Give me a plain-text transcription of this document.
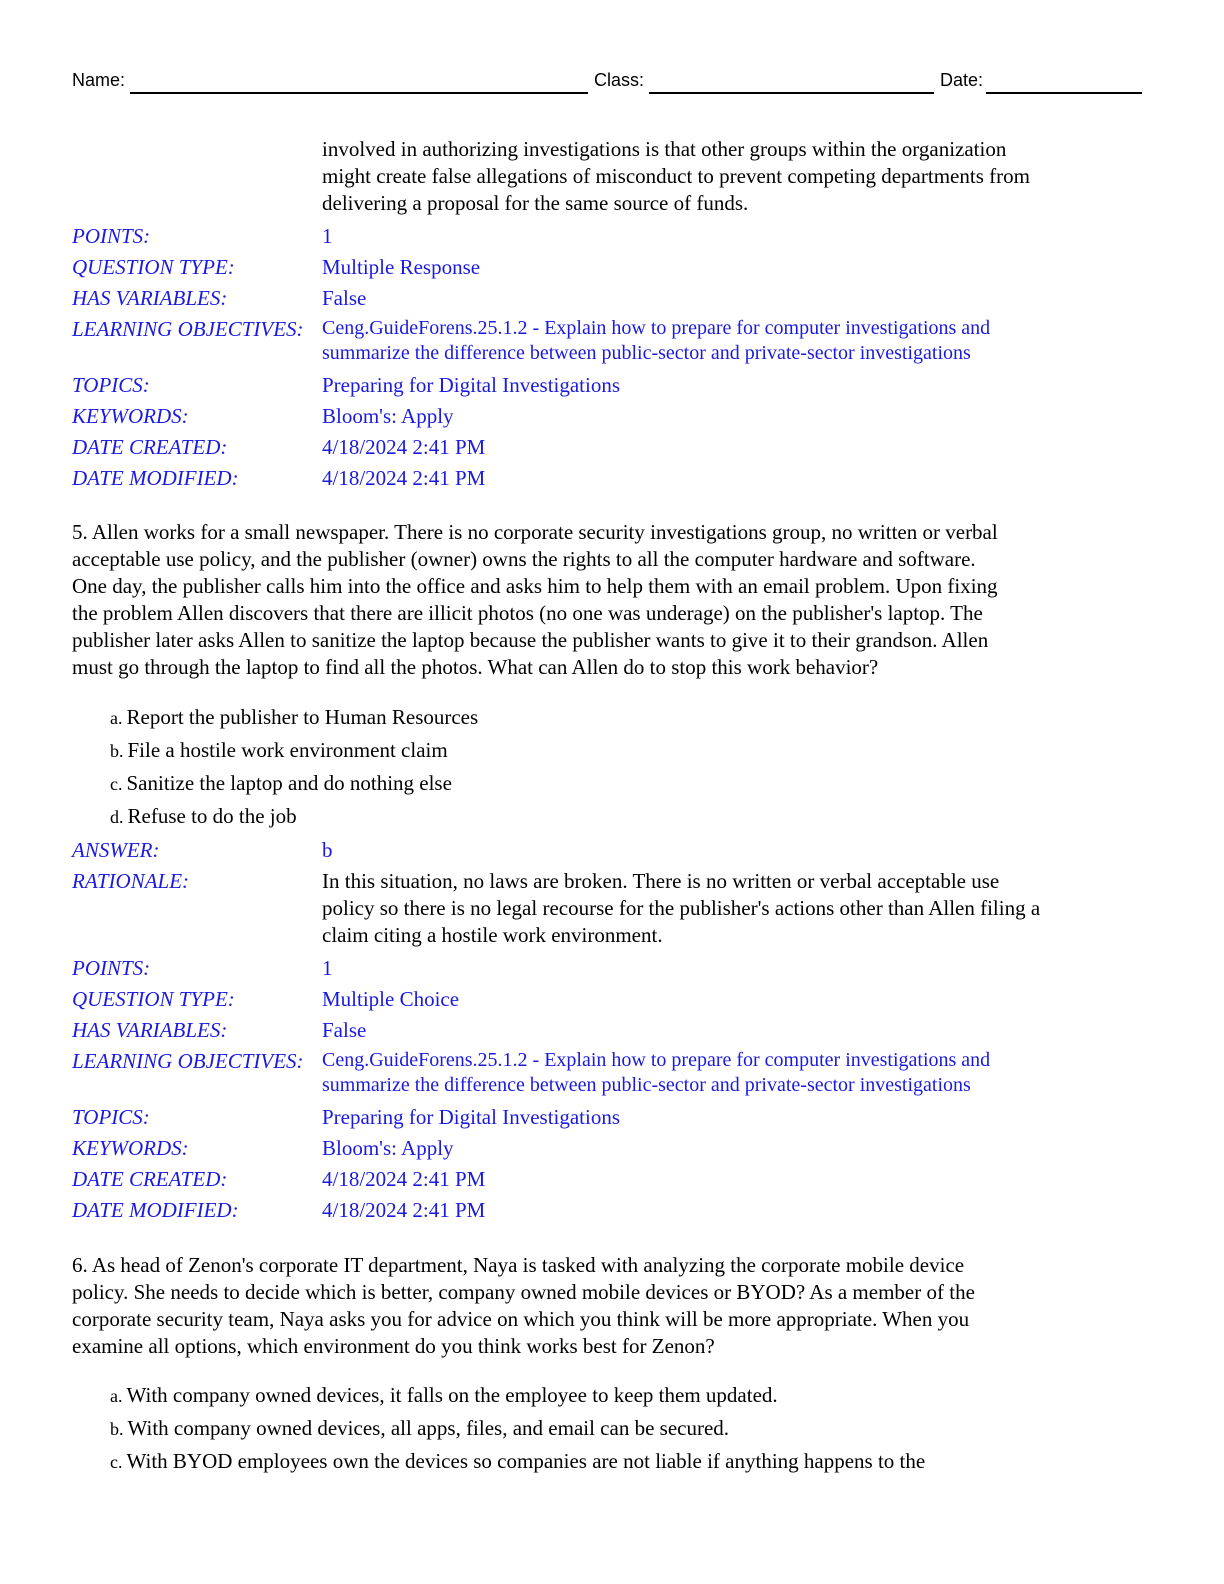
Name:	Class:	Date:
involved in authorizing investigations is that other groups within the organization
might create false allegations of misconduct to prevent competing departments from
delivering a proposal for the same source of funds.
POINTS:	1
QUESTION TYPE:	Multiple Response
HAS VARIABLES:	False
LEARNING OBJECTIVES: Ceng.GuideForens.25.1.2 - Explain how to prepare for computer investigations and
summarize the difference between public-sector and private-sector investigations
TOPICS:	Preparing for Digital Investigations
KEYWORDS:	Bloom's: Apply
DATE CREATED:	4/18/2024 2:41 PM
DATE MODIFIED:	4/18/2024 2:41 PM
5. Allen works for a small newspaper. There is no corporate security investigations group, no written or verbal
acceptable use policy, and the publisher (owner) owns the rights to all the computer hardware and software.
One day, the publisher calls him into the office and asks him to help them with an email problem. Upon fixing
the problem Allen discovers that there are illicit photos (no one was underage) on the publisher's laptop. The
publisher later asks Allen to sanitize the laptop because the publisher wants to give it to their grandson. Allen
must go through the laptop to find all the photos. What can Allen do to stop this work behavior?
a. Report the publisher to Human Resources
b. File a hostile work environment claim
c. Sanitize the laptop and do nothing else
d. Refuse to do the job
ANSWER:	b
RATIONALE:	In this situation, no laws are broken. There is no written or verbal acceptable use
policy so there is no legal recourse for the publisher's actions other than Allen filing a
claim citing a hostile work environment.
POINTS:	1
QUESTION TYPE:	Multiple Choice
HAS VARIABLES:	False
LEARNING OBJECTIVES: Ceng.GuideForens.25.1.2 - Explain how to prepare for computer investigations and
summarize the difference between public-sector and private-sector investigations
TOPICS:	Preparing for Digital Investigations
KEYWORDS:	Bloom's: Apply
DATE CREATED:	4/18/2024 2:41 PM
DATE MODIFIED:	4/18/2024 2:41 PM
6. As head of Zenon's corporate IT department, Naya is tasked with analyzing the corporate mobile device
policy. She needs to decide which is better, company owned mobile devices or BYOD? As a member of the
corporate security team, Naya asks you for advice on which you think will be more appropriate. When you
examine all options, which environment do you think works best for Zenon?
a. With company owned devices, it falls on the employee to keep them updated.
b. With company owned devices, all apps, files, and email can be secured.
c. With BYOD employees own the devices so companies are not liable if anything happens to the
